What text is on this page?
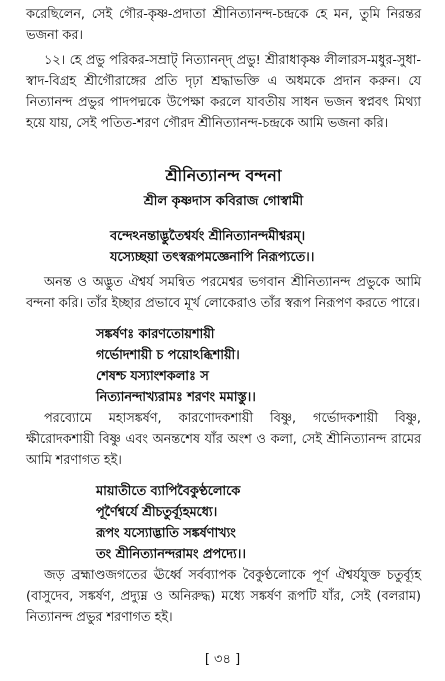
করেছিলেন, সেই গৌর-কৃষ্ণ-প্রদাতা শ্রীনিত্যানন্দ-চন্দ্রকে হে মন, তুমি নিরন্তর ভজনা কর।

১২। হে প্রভু পরিকর-সম্রাট্ নিত্যানন্দ্ প্রভু! শ্রীরাধাকৃষ্ণ লীলারস-মধুর-সুধা-স্বাদ-বিগ্রহ শ্রীগৌরাঙ্গের প্রতি দৃঢ়া শ্রদ্ধাভক্তি এ অধমকে প্রদান করুন। যে নিত্যানন্দ প্রভুর পাদপদ্মকে উপেক্ষা করলে যাবতীয় সাধন ভজন স্বপ্নবৎ মিথ্যা হয়ে যায়, সেই পতিত-শরণ গৌরদ শ্রীনিত্যানন্দ-চন্দ্রকে আমি ভজনা করি।

শ্রীনিত্যানন্দ বন্দনা
শ্রীল কৃষ্ণদাস কবিরাজ গোস্বামী
বন্দেঽনন্তাদ্ভুতৈশ্বর্যং শ্রীনিত্যানন্দমীশ্বরম্।
যস্যেচ্ছয়া তৎস্বরূপমজ্ঞেনাপি নিরূপ্যতে।।

অনন্ত ও অদ্ভুত ঐশ্বর্য সমন্বিত পরমেশ্বর ভগবান শ্রীনিত্যানন্দ প্রভুকে আমি বন্দনা করি। তাঁর ইচ্ছার প্রভাবে মূর্খ লোকেরাও তাঁর স্বরূপ নিরূপণ করতে পারে।

সঙ্কর্ষণঃ কারণতোয়শায়ী
গর্ভোদশায়ী চ পয়োঽব্ধিশায়ী।
শেষশ্চ যস্যাংশকলাঃ স
নিত্যানন্দাখ্যরামঃ শরণং মমাস্তু।।

পরব্যোমে মহাসঙ্কর্ষণ, কারণোদকশায়ী বিষ্ণু, গর্ভোদকশায়ী বিষ্ণু, ক্ষীরোদকশায়ী বিষ্ণু এবং অনন্তশেষ যাঁর অংশ ও কলা, সেই শ্রীনিত্যানন্দ রামের আমি শরণাগত হই।

মায়াতীতে ব্যাপিবৈকুণ্ঠলোকে
পূর্ণৈশ্বর্যে শ্রীচতুর্ব্যূহমধ্যে।
রূপং যস্যোদ্ভাতি সঙ্কর্ষণাখ্যং
তং শ্রীনিত্যানন্দরামং প্রপদ্যে।।

জড় ব্রহ্মাণ্ডজগতের ঊর্ধ্বে সর্বব্যাপক বৈকুণ্ঠলোকে পূর্ণ ঐশ্বর্যযুক্ত চতুর্ব্যূহ (বাসুদেব, সঙ্কর্ষণ, প্রদ্যুম্ন ও অনিরুদ্ধ) মধ্যে সঙ্কর্ষণ রূপটি যাঁর, সেই (বলরাম) নিত্যানন্দ প্রভুর শরণাগত হই।

[ ৩৪ ]
